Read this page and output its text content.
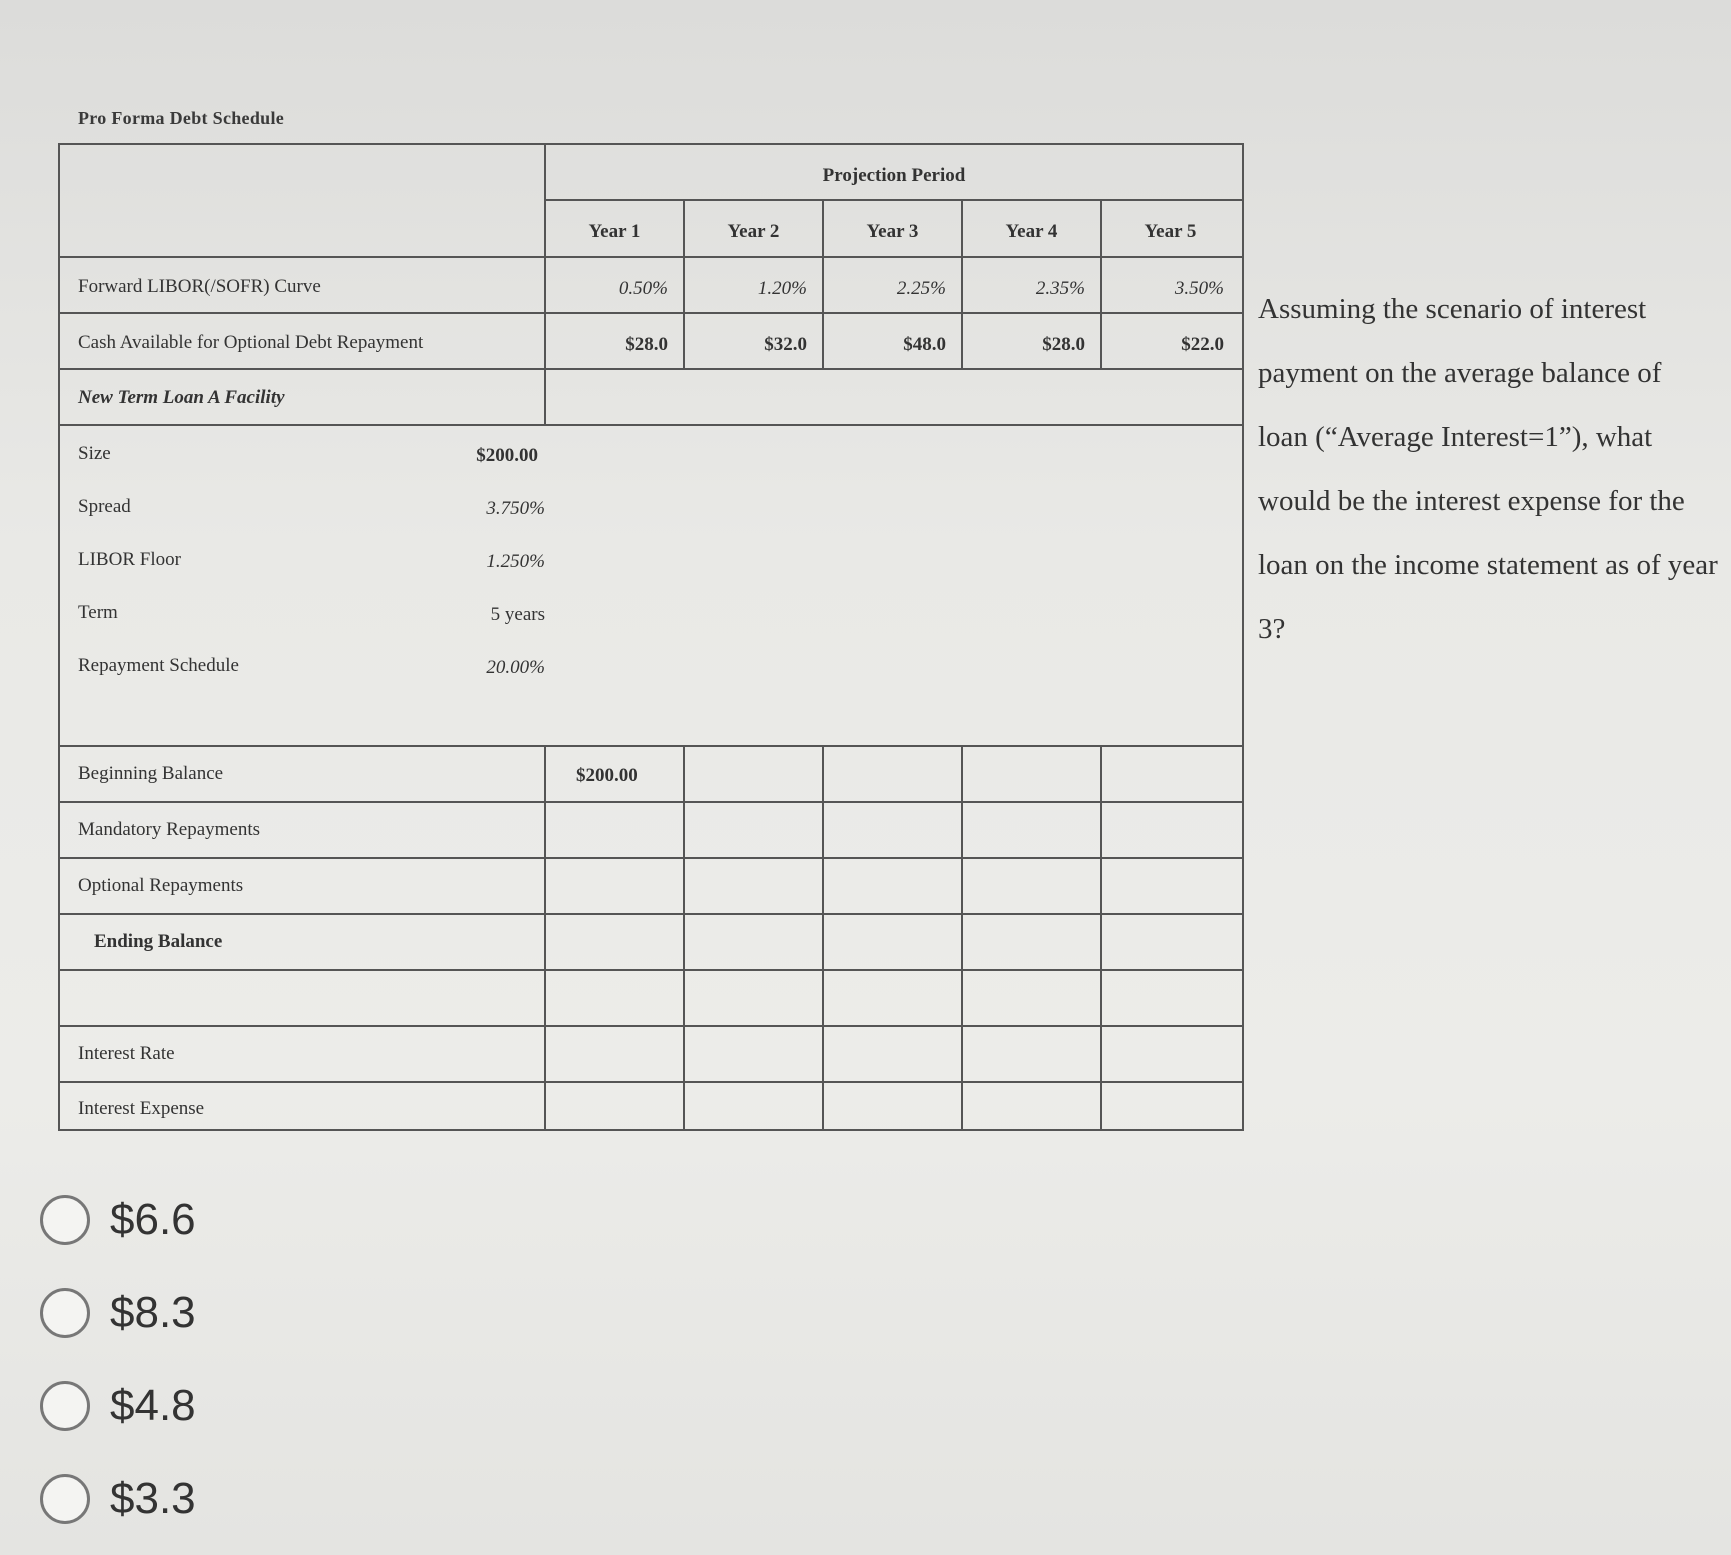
Pro Forma Debt Schedule
Projection Period
Year 1	Year 2	Year 3	Year 4	Year 5
Forward LIBOR(/SOFR) Curve	0.50%	1.20%	2.25%	2.35%	3.50%
Cash Available for Optional Debt Repayment	$28.0	$32.0	$48.0	$28.0	$22.0
New Term Loan A Facility
Size	$200.00
Spread	3.750%
LIBOR Floor	1.250%
Term	5 years
Repayment Schedule	20.00%
Beginning Balance	$200.00
Mandatory Repayments
Optional Repayments
Ending Balance
Interest Rate
Interest Expense
Assuming the scenario of interest payment on the average balance of loan (“Average Interest=1”), what would be the interest expense for the loan on the income statement as of year 3?
$6.6
$8.3
$4.8
$3.3
